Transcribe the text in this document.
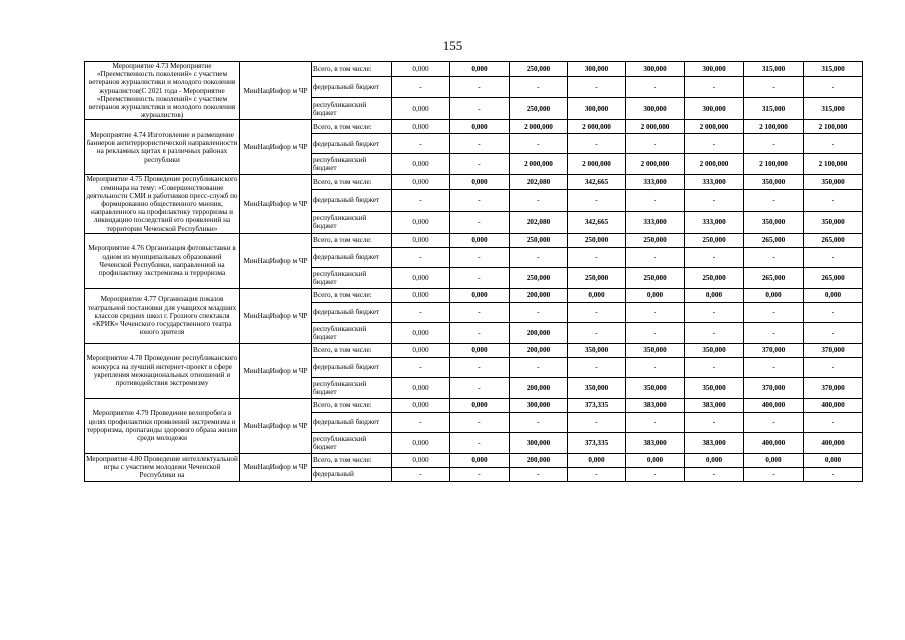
155
Мероприятие 4.73 Мероприятие «Преемственность поколений» с участием ветеранов журналистики и молодого поколения журналистов(С 2021 года - Мероприятие «Преемственность поколений» с участием ветеранов журналистики и молодого поколения журналистов)	МинНацИнфор м ЧР	Всего, в том числе:	0,000	0,000	250,000	300,000	300,000	300,000	315,000	315,000
		федеральный бюджет	-	-	-	-	-	-	-	-
		республиканский бюджет	0,000	-	250,000	300,000	300,000	300,000	315,000	315,000
Мероприятие 4.74 Изготовление и размещение баннеров антитеррористической направленности на рекламных щитах в различных районах республики	МинНацИнфор м ЧР	Всего, в том числе:	0,000	0,000	2 000,000	2 000,000	2 000,000	2 000,000	2 100,000	2 100,000
		федеральный бюджет	-	-	-	-	-	-	-	-
		республиканский бюджет	0,000	-	2 000,000	2 000,000	2 000,000	2 000,000	2 100,000	2 100,000
Мероприятие 4.75 Проведение республиканского семинара на тему: «Совершенствование деятельности СМИ и работников пресс-служб по формированию общественного мнения, направленного на профилактику терроризма и ликвидацию последствий его проявлений на территории Чеченской Республики»	МинНацИнфор м ЧР	Всего, в том числе:	0,000	0,000	202,080	342,665	333,000	333,000	350,000	350,000
		федеральный бюджет	-	-	-	-	-	-	-	-
		республиканский бюджет	0,000	-	202,080	342,665	333,000	333,000	350,000	350,000
Мероприятие 4.76 Организация фотовыставки в одном из муниципальных образований Чеченской Республики, направленной на профилактику экстремизма и терроризма	МинНацИнфор м ЧР	Всего, в том числе:	0,000	0,000	250,000	250,000	250,000	250,000	265,000	265,000
		федеральный бюджет	-	-	-	-	-	-	-	-
		республиканский бюджет	0,000	-	250,000	250,000	250,000	250,000	265,000	265,000
Мероприятие 4.77 Организация показов театральной постановки для учащихся младших классов средних школ г. Грозного спектакля «КРИК» Чеченского государственного театра юного зрителя	МинНацИнфор м ЧР	Всего, в том числе:	0,000	0,000	200,000	0,000	0,000	0,000	0,000	0,000
		федеральный бюджет	-	-	-	-	-	-	-	-
		республиканский бюджет	0,000	-	200,000	-	-	-	-	-
Мероприятие 4.78 Проведение республиканского конкурса на лучший интернет-проект в сфере укрепления межнациональных отношений и противодействия экстремизму	МинНацИнфор м ЧР	Всего, в том числе:	0,000	0,000	200,000	350,000	350,000	350,000	370,000	370,000
		федеральный бюджет	-	-	-	-	-	-	-	-
		республиканский бюджет	0,000	-	200,000	350,000	350,000	350,000	370,000	370,000
Мероприятие 4.79 Проведение велопробега в целях профилактики проявлений экстремизма и терроризма, пропаганды здорового образа жизни среди молодежи	МинНацИнфор м ЧР	Всего, в том числе:	0,000	0,000	300,000	373,335	383,000	383,000	400,000	400,000
		федеральный бюджет	-	-	-	-	-	-	-	-
		республиканский бюджет	0,000	-	300,000	373,335	383,000	383,000	400,000	400,000
Мероприятие 4.80 Проведение интеллектуальной игры с участием молодежи Чеченской Республики на	МинНацИнфор м ЧР	Всего, в том числе:	0,000	0,000	200,000	0,000	0,000	0,000	0,000	0,000
		федеральный	-	-	-	-	-	-	-	-
